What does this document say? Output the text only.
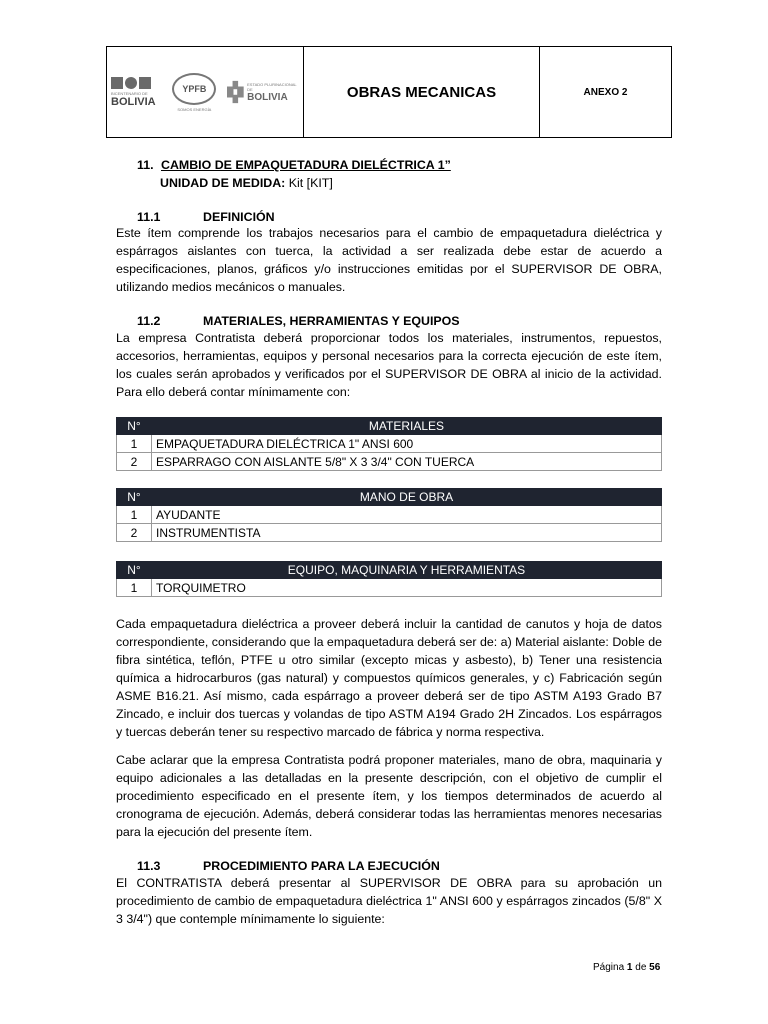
BICENTENARIO DE
BOLIVIA
YPFB
SOMOS ENERGÍA
ESTADO PLURINACIONAL DE
BOLIVIA	OBRAS MECANICAS	ANEXO 2
11. CAMBIO DE EMPAQUETADURA DIELÉCTRICA 1”
UNIDAD DE MEDIDA: Kit [KIT]
11.1	DEFINICIÓN
Este ítem comprende los trabajos necesarios para el cambio de empaquetadura dieléctrica y espárragos aislantes con tuerca, la actividad a ser realizada debe estar de acuerdo a especificaciones, planos, gráficos y/o instrucciones emitidas por el SUPERVISOR DE OBRA, utilizando medios mecánicos o manuales.
11.2	MATERIALES, HERRAMIENTAS Y EQUIPOS
La empresa Contratista deberá proporcionar todos los materiales, instrumentos, repuestos, accesorios, herramientas, equipos y personal necesarios para la correcta ejecución de este ítem, los cuales serán aprobados y verificados por el SUPERVISOR DE OBRA al inicio de la actividad. Para ello deberá contar mínimamente con:
N°	MATERIALES
1	EMPAQUETADURA DIELÉCTRICA 1" ANSI 600
2	ESPARRAGO CON AISLANTE 5/8" X 3 3/4" CON TUERCA
N°	MANO DE OBRA
1	AYUDANTE
2	INSTRUMENTISTA
N°	EQUIPO, MAQUINARIA Y HERRAMIENTAS
1	TORQUIMETRO
Cada empaquetadura dieléctrica a proveer deberá incluir la cantidad de canutos y hoja de datos correspondiente, considerando que la empaquetadura deberá ser de: a) Material aislante: Doble de fibra sintética, teflón, PTFE u otro similar (excepto micas y asbesto), b) Tener una resistencia química a hidrocarburos (gas natural) y compuestos químicos generales, y c) Fabricación según ASME B16.21. Así mismo, cada espárrago a proveer deberá ser de tipo ASTM A193 Grado B7 Zincado, e incluir dos tuercas y volandas de tipo ASTM A194 Grado 2H Zincados. Los espárragos y tuercas deberán tener su respectivo marcado de fábrica y norma respectiva.
Cabe aclarar que la empresa Contratista podrá proponer materiales, mano de obra, maquinaria y equipo adicionales a las detalladas en la presente descripción, con el objetivo de cumplir el procedimiento especificado en el presente ítem, y los tiempos determinados de acuerdo al cronograma de ejecución. Además, deberá considerar todas las herramientas menores necesarias para la ejecución del presente ítem.
11.3	PROCEDIMIENTO PARA LA EJECUCIÓN
El CONTRATISTA deberá presentar al SUPERVISOR DE OBRA para su aprobación un procedimiento de cambio de empaquetadura dieléctrica 1" ANSI 600 y espárragos zincados (5/8" X 3 3/4") que contemple mínimamente lo siguiente:
Página 1 de 56
